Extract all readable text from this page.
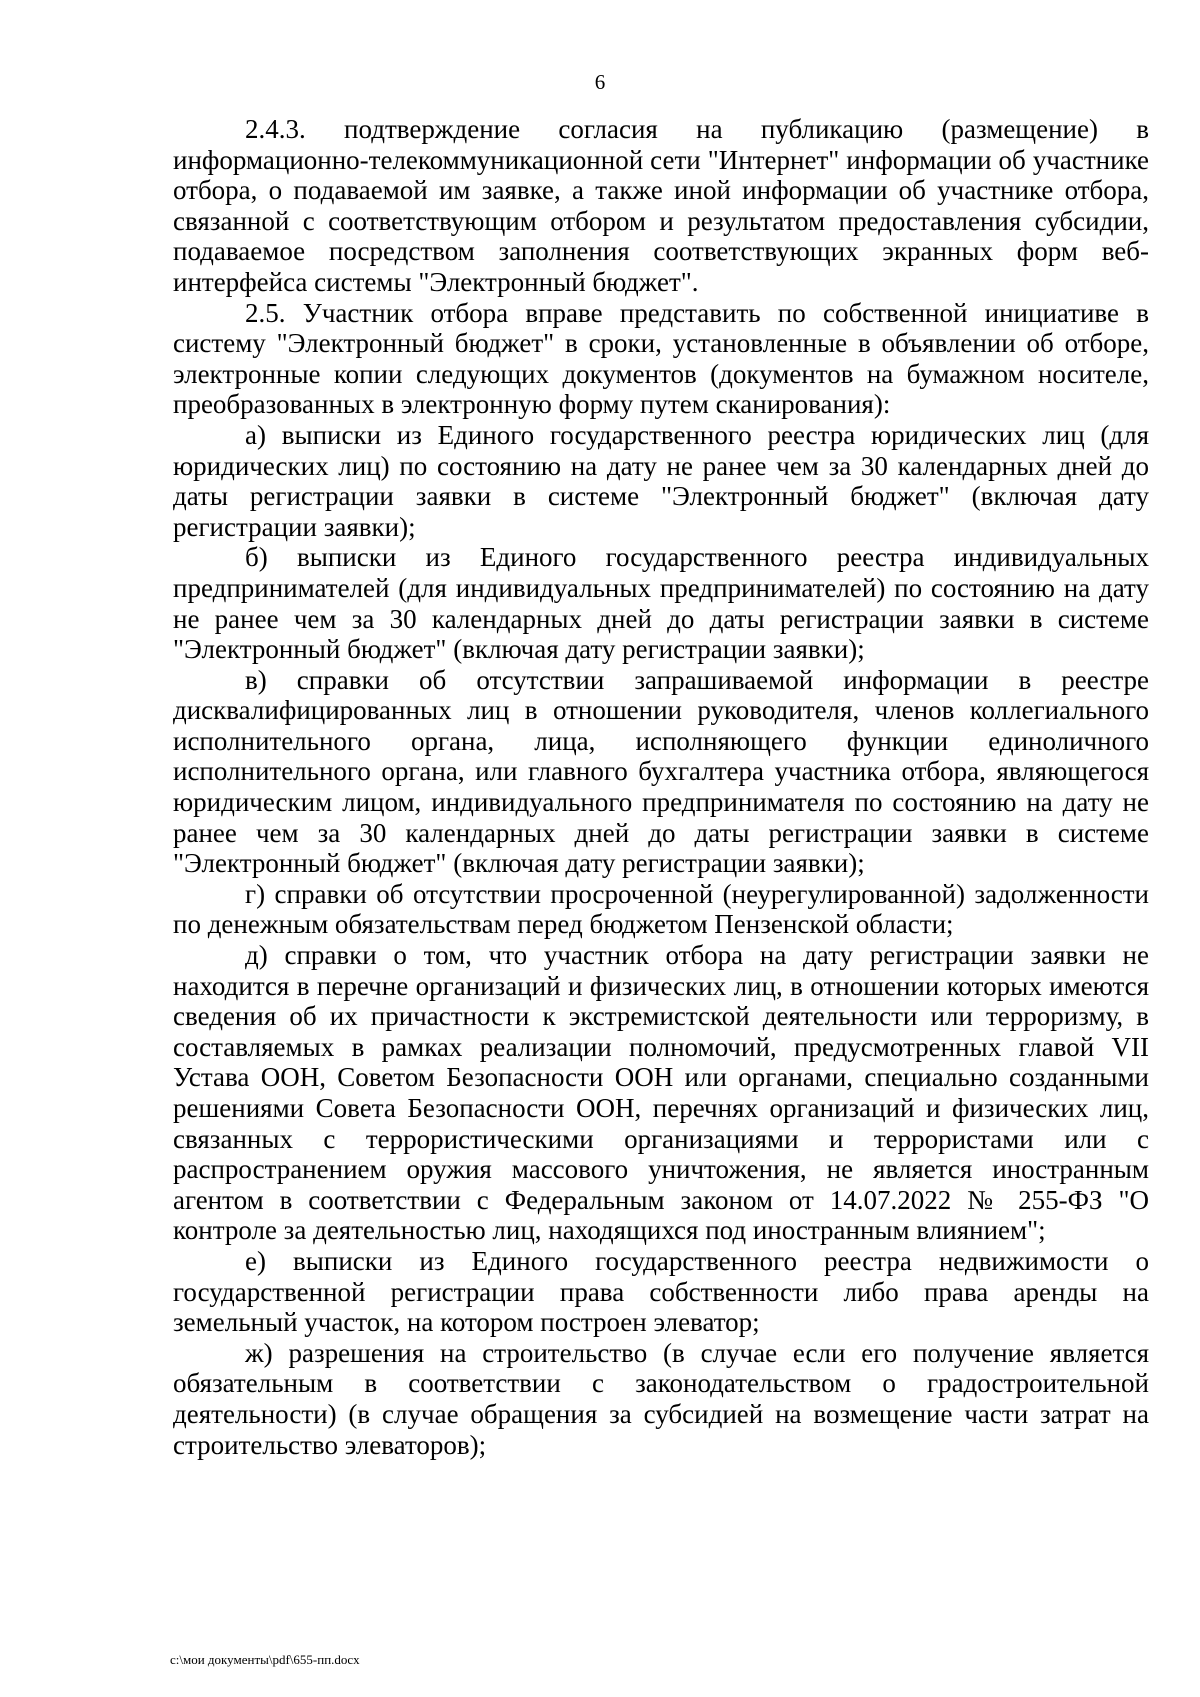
6

2.4.3. подтверждение согласия на публикацию (размещение) в информационно-телекоммуникационной сети "Интернет" информации об участнике отбора, о подаваемой им заявке, а также иной информации об участнике отбора, связанной с соответствующим отбором и результатом предоставления субсидии, подаваемое посредством заполнения соответствующих экранных форм веб-интерфейса системы "Электронный бюджет".

2.5. Участник отбора вправе представить по собственной инициативе в систему "Электронный бюджет" в сроки, установленные в объявлении об отборе, электронные копии следующих документов (документов на бумажном носителе, преобразованных в электронную форму путем сканирования):

а) выписки из Единого государственного реестра юридических лиц (для юридических лиц) по состоянию на дату не ранее чем за 30 календарных дней до даты регистрации заявки в системе "Электронный бюджет" (включая дату регистрации заявки);

б) выписки из Единого государственного реестра индивидуальных предпринимателей (для индивидуальных предпринимателей) по состоянию на дату не ранее чем за 30 календарных дней до даты регистрации заявки в системе "Электронный бюджет" (включая дату регистрации заявки);

в) справки об отсутствии запрашиваемой информации в реестре дисквалифицированных лиц в отношении руководителя, членов коллегиального исполнительного органа, лица, исполняющего функции единоличного исполнительного органа, или главного бухгалтера участника отбора, являющегося юридическим лицом, индивидуального предпринимателя по состоянию на дату не ранее чем за 30 календарных дней до даты регистрации заявки в системе "Электронный бюджет" (включая дату регистрации заявки);

г) справки об отсутствии просроченной (неурегулированной) задолженности по денежным обязательствам перед бюджетом Пензенской области;

д) справки о том, что участник отбора на дату регистрации заявки не находится в перечне организаций и физических лиц, в отношении которых имеются сведения об их причастности к экстремистской деятельности или терроризму, в составляемых в рамках реализации полномочий, предусмотренных главой VII Устава ООН, Советом Безопасности ООН или органами, специально созданными решениями Совета Безопасности ООН, перечнях организаций и физических лиц, связанных с террористическими организациями и террористами или с распространением оружия массового уничтожения, не является иностранным агентом в соответствии с Федеральным законом от 14.07.2022 № 255-ФЗ "О контроле за деятельностью лиц, находящихся под иностранным влиянием";

е) выписки из Единого государственного реестра недвижимости о государственной регистрации права собственности либо права аренды на земельный участок, на котором построен элеватор;

ж) разрешения на строительство (в случае если его получение является обязательным в соответствии с законодательством о градостроительной деятельности) (в случае обращения за субсидией на возмещение части затрат на строительство элеваторов);

c:\мои документы\pdf\655-пп.docx
